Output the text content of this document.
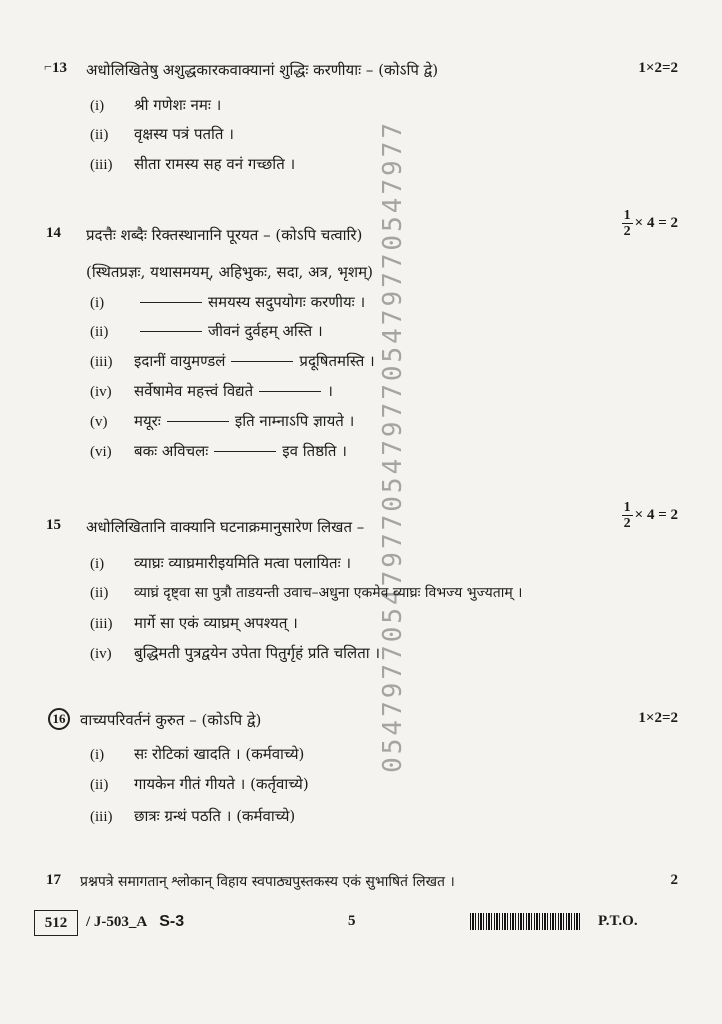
05479770547977054797705479770547977
⌐ 13 अधोलिखितेषु अशुद्धकारकवाक्यानां शुद्धिः करणीयाः – (कोऽपि द्वे)	1×2=2
(i) श्री गणेशः नमः ।
(ii) वृक्षस्य पत्रं पतति ।
(iii) सीता रामस्य सह वनं गच्छति ।
14 प्रदत्तैः शब्दैः रिक्तस्थानानि पूरयत – (कोऽपि चत्वारि)	$\frac{1}{2} \times 4 = 2$
(स्थितप्रज्ञः, यथासमयम्, अहिभुकः, सदा, अत्र, भृशम्)
(i)	समयस्य सदुपयोगः करणीयः ।
(ii)	जीवनं दुर्वहम् अस्ति ।
(iii) इदानीं वायुमण्डलं	प्रदूषितमस्ति ।
(iv) सर्वेषामेव महत्त्वं विद्यते	।
(v) मयूरः	इति नाम्नाऽपि ज्ञायते ।
(vi) बकः अविचलः	इव तिष्ठति ।
15 अधोलिखितानि वाक्यानि घटनाक्रमानुसारेण लिखत –	$\frac{1}{2} \times 4 = 2$
(i) व्याघ्रः व्याघ्रमारीइयमिति मत्वा पलायितः ।
(ii) व्याघ्रं दृष्ट्वा सा पुत्रौ ताडयन्ती उवाच–अधुना एकमेव व्याघ्रः विभज्य भुज्यताम् ।
(iii) मार्गे सा एकं व्याघ्रम् अपश्यत् ।
(iv) बुद्धिमती पुत्रद्वयेन उपेता पितुर्गृहं प्रति चलिता ।
16 वाच्यपरिवर्तनं कुरुत – (कोऽपि द्वे)	1×2=2
(i) सः रोटिकां खादति । (कर्मवाच्ये)
(ii) गायकेन गीतं गीयते । (कर्तृवाच्ये)
(iii) छात्रः ग्रन्थं पठति । (कर्मवाच्ये)
17 प्रश्नपत्रे समागतान् श्लोकान् विहाय स्वपाठ्यपुस्तकस्य एकं सुभाषितं लिखत ।	2
512	/ J-503_A S-3	5	P.T.O.
